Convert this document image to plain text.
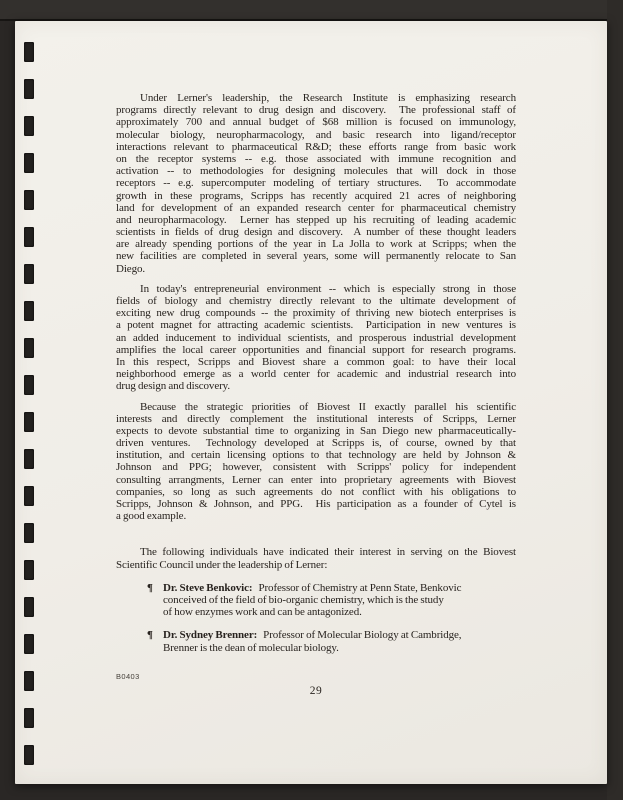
Under Lerner's leadership, the Research Institute is emphasizing research
programs directly relevant to drug design and discovery.  The professional staff of
approximately 700 and annual budget of $68 million is focused on immunology,
molecular biology, neuropharmacology, and basic research into ligand/receptor
interactions relevant to pharmaceutical R&D; these efforts range from basic work
on the receptor systems -- e.g. those associated with immune recognition and
activation -- to methodologies for designing molecules that will dock in those
receptors -- e.g. supercomputer modeling of tertiary structures.  To accommodate
growth in these programs, Scripps has recently acquired 21 acres of neighboring
land for development of an expanded research center for pharmaceutical chemistry
and neuropharmacology.  Lerner has stepped up his recruiting of leading academic
scientists in fields of drug design and discovery.  A number of these thought leaders
are already spending portions of the year in La Jolla to work at Scripps; when the
new facilities are completed in several years, some will permanently relocate to San
Diego.
In today's entrepreneurial environment -- which is especially strong in those
fields of biology and chemistry directly relevant to the ultimate development of
exciting new drug compounds -- the proximity of thriving new biotech enterprises is
a potent magnet for attracting academic scientists.  Participation in new ventures is
an added inducement to individual scientists, and prosperous industrial development
amplifies the local career opportunities and financial support for research programs.
In this respect, Scripps and Biovest share a common goal: to have their local
neighborhood emerge as a world center for academic and industrial research into
drug design and discovery.
Because the strategic priorities of Biovest II exactly parallel his scientific
interests and directly complement the institutional interests of Scripps, Lerner
expects to devote substantial time to organizing in San Diego new pharmaceutically-
driven ventures.  Technology developed at Scripps is, of course, owned by that
institution, and certain licensing options to that technology are held by Johnson &
Johnson and PPG; however, consistent with Scripps' policy for independent
consulting arrangments, Lerner can enter into proprietary agreements with Biovest
companies, so long as such agreements do not conflict with his obligations to
Scripps, Johnson & Johnson, and PPG.  His participation as a founder of Cytel is
a good example.
The following individuals have indicated their interest in serving on the Biovest
Scientific Council under the leadership of Lerner:
¶ Dr. Steve Benkovic: Professor of Chemistry at Penn State, Benkovic
conceived of the field of bio-organic chemistry, which is the study
of how enzymes work and can be antagonized.
¶ Dr. Sydney Brenner: Professor of Molecular Biology at Cambridge,
Brenner is the dean of molecular biology.
B0403
29
